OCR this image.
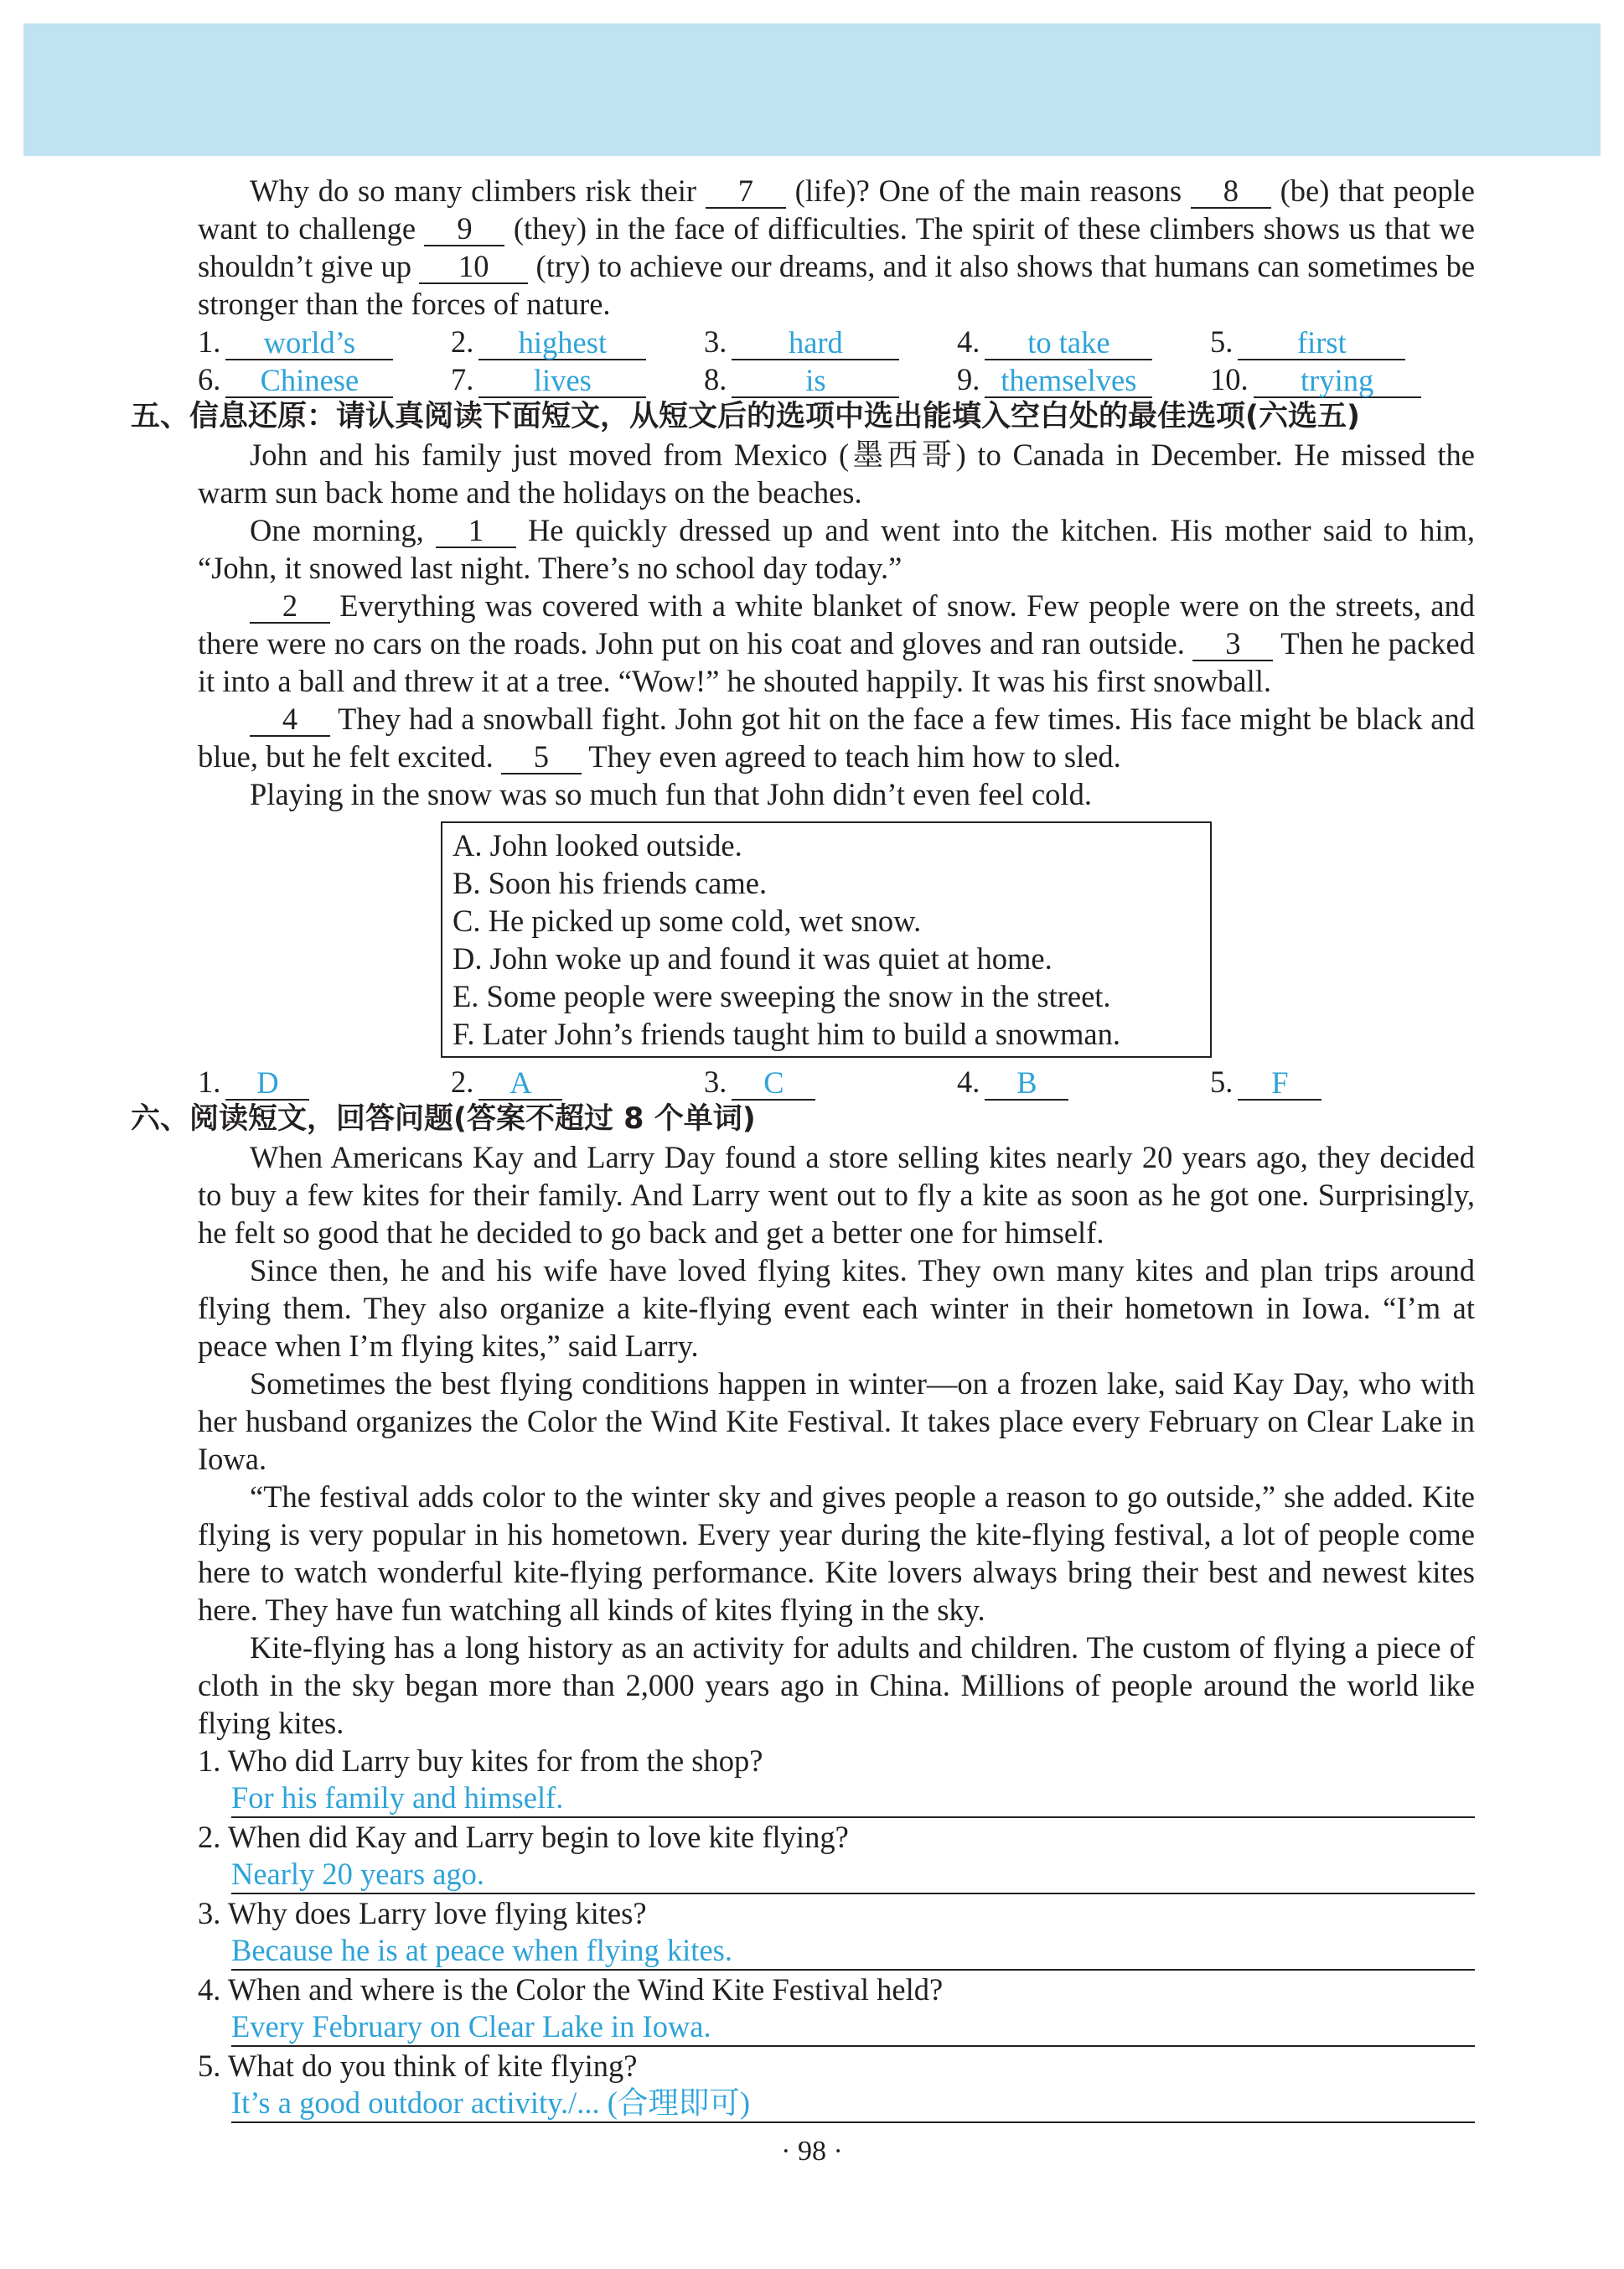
Why do so many climbers risk their 7 (life)? One of the main reasons 8 (be) that people want to challenge 9 (they) in the face of difficulties. The spirit of these climbers shows us that we shouldn’t give up 10 (try) to achieve our dreams, and it also shows that humans can sometimes be stronger than the forces of nature.

1.	world’s	2.	highest	3.	hard	4.	to take	5.	first
6.	Chinese	7.	lives	8.	is	9. themselves	10.	trying
五、信息还原：请认真阅读下面短文，从短文后的选项中选出能填入空白处的最佳选项(六选五)

John and his family just moved from Mexico (墨西哥) to Canada in December. He missed the warm sun back home and the holidays on the beaches.

One morning, 1 He quickly dressed up and went into the kitchen. His mother said to him, “John, it snowed last night. There’s no school day today.”

2 Everything was covered with a white blanket of snow. Few people were on the streets, and there were no cars on the roads. John put on his coat and gloves and ran outside. 3 Then he packed it into a ball and threw it at a tree. “Wow!” he shouted happily. It was his first snowball.

4 They had a snowball fight. John got hit on the face a few times. His face might be black and blue, but he felt excited. 5 They even agreed to teach him how to sled.

Playing in the snow was so much fun that John didn’t even feel cold.

A. John looked outside.
B. Soon his friends came.
C. He picked up some cold, wet snow.
D. John woke up and found it was quiet at home.
E. Some people were sweeping the snow in the street.
F. Later John’s friends taught him to build a snowman.
1.	D	2.	A	3.	C	4.	B	5.	F
六、阅读短文，回答问题(答案不超过 8 个单词)

When Americans Kay and Larry Day found a store selling kites nearly 20 years ago, they decided to buy a few kites for their family. And Larry went out to fly a kite as soon as he got one. Surprisingly, he felt so good that he decided to go back and get a better one for himself.

Since then, he and his wife have loved flying kites. They own many kites and plan trips around flying them. They also organize a kite-flying event each winter in their hometown in Iowa. “I’m at peace when I’m flying kites,” said Larry.

Sometimes the best flying conditions happen in winter—on a frozen lake, said Kay Day, who with her husband organizes the Color the Wind Kite Festival. It takes place every February on Clear Lake in Iowa.

“The festival adds color to the winter sky and gives people a reason to go outside,” she added. Kite flying is very popular in his hometown. Every year during the kite-flying festival, a lot of people come here to watch wonderful kite-flying performance. Kite lovers always bring their best and newest kites here. They have fun watching all kinds of kites flying in the sky.

Kite-flying has a long history as an activity for adults and children. The custom of flying a piece of cloth in the sky began more than 2,000 years ago in China. Millions of people around the world like flying kites.

1. Who did Larry buy kites for from the shop?
For his family and himself.
2. When did Kay and Larry begin to love kite flying?
Nearly 20 years ago.
3. Why does Larry love flying kites?
Because he is at peace when flying kites.
4. When and where is the Color the Wind Kite Festival held?
Every February on Clear Lake in Iowa.
5. What do you think of kite flying?
It’s a good outdoor activity./... (合理即可)
· 98 ·
